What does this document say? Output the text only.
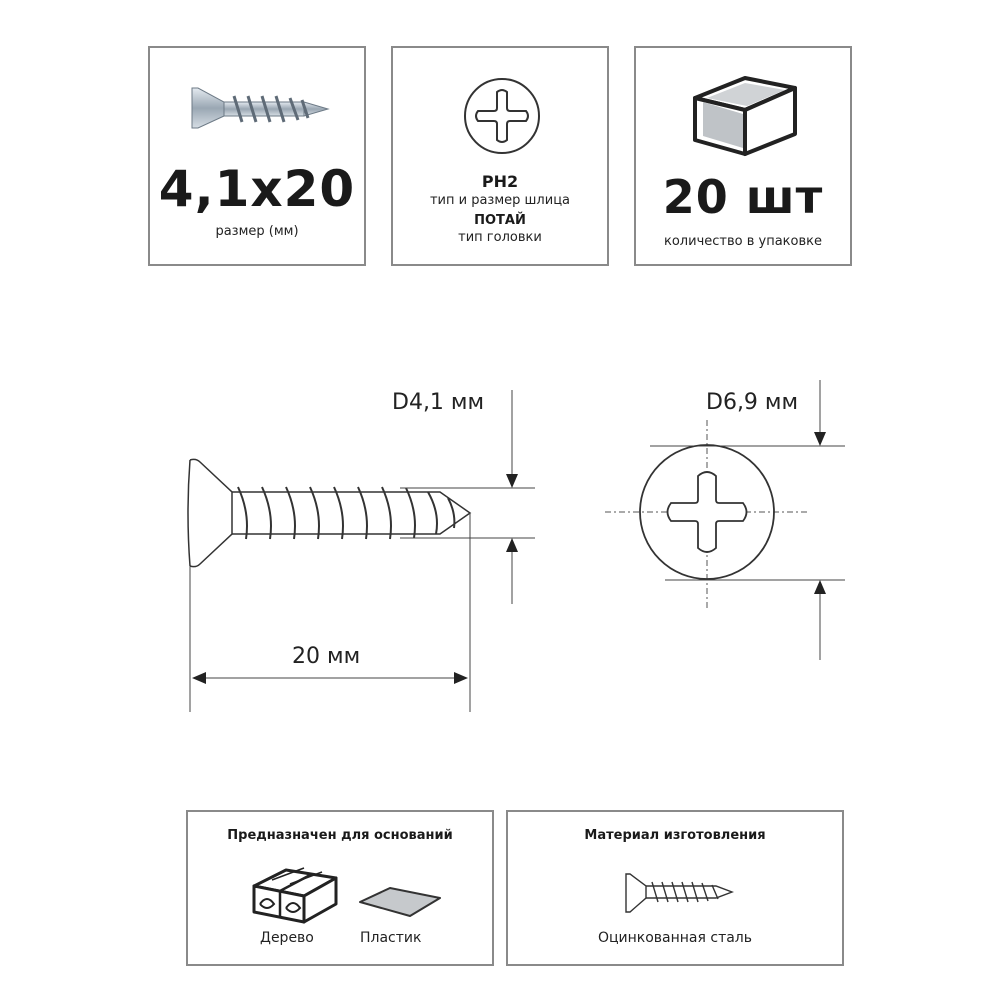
4,1x20
размер (мм)
PH2
тип и размер шлица
ПОТАЙ
тип головки
20 шт
количество в упаковке
D4,1 мм	D6,9 мм
20 мм
Предназначен для оснований
Дерево	Пластик
Материал изготовления
Оцинкованная сталь
